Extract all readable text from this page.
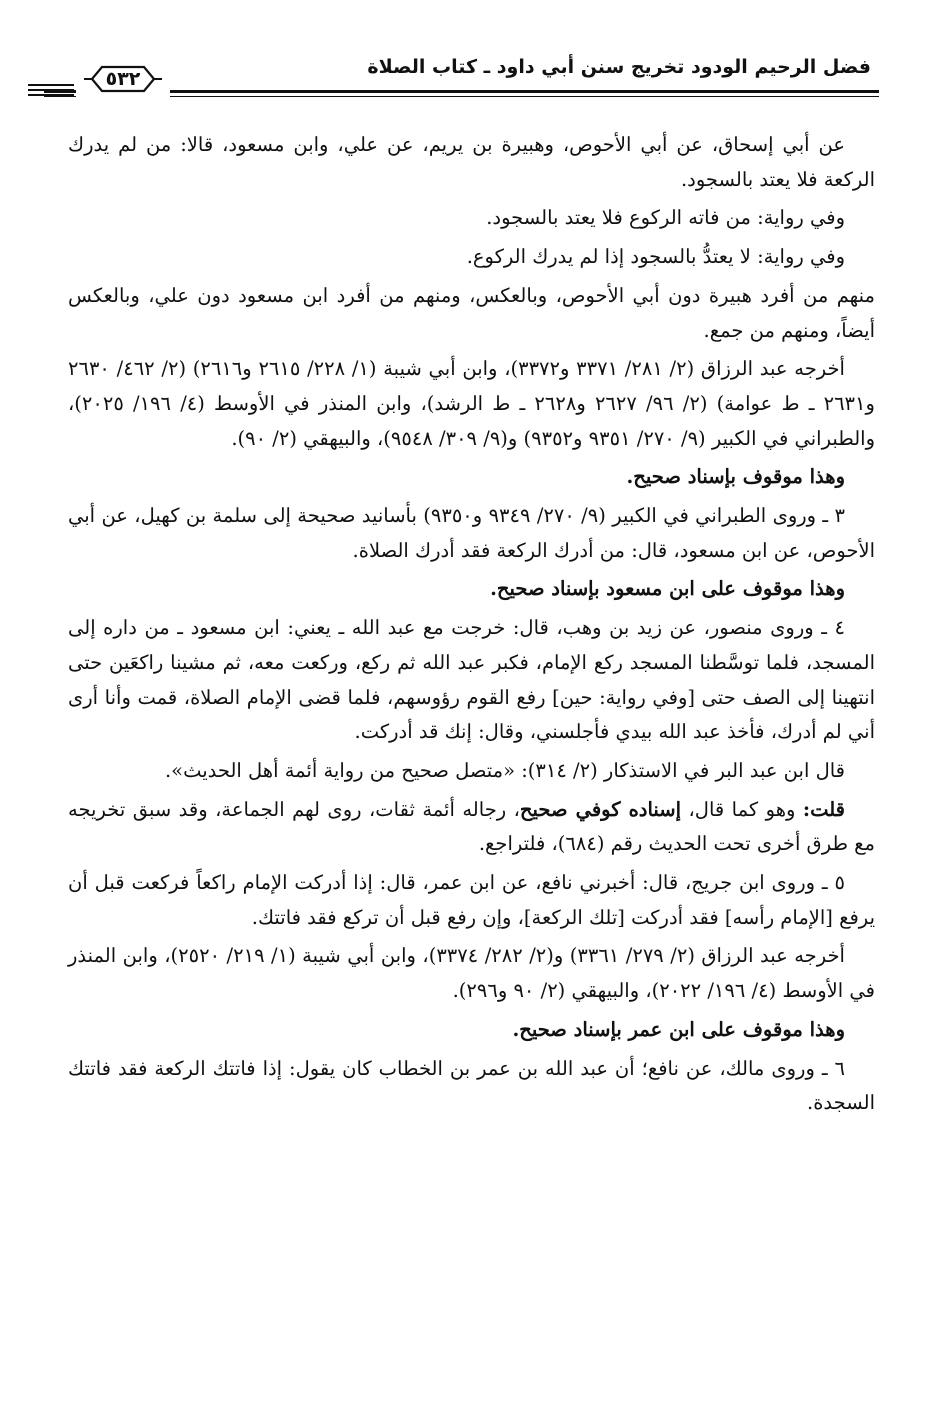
فضل الرحيم الودود تخريج سنن أبي داود ـ كتاب الصلاة
٥٣٢

عن أبي إسحاق، عن أبي الأحوص، وهبيرة بن يريم، عن علي، وابن مسعود، قالا: من لم يدرك الركعة فلا يعتد بالسجود.

وفي رواية: من فاته الركوع فلا يعتد بالسجود.

وفي رواية: لا يعتدُّ بالسجود إذا لم يدرك الركوع.

منهم من أفرد هبيرة دون أبي الأحوص، وبالعكس، ومنهم من أفرد ابن مسعود دون علي، وبالعكس أيضاً، ومنهم من جمع.

أخرجه عبد الرزاق (٢/ ٢٨١/ ٣٣٧١ و٣٣٧٢)، وابن أبي شيبة (١/ ٢٢٨/ ٢٦١٥ و٢٦١٦) (٢/ ٤٦٢/ ٢٦٣٠ و٢٦٣١ ـ ط عوامة) (٢/ ٩٦/ ٢٦٢٧ و٢٦٢٨ ـ ط الرشد)، وابن المنذر في الأوسط (٤/ ١٩٦/ ٢٠٢٥)، والطبراني في الكبير (٩/ ٢٧٠/ ٩٣٥١ و٩٣٥٢) و(٩/ ٣٠٩/ ٩٥٤٨)، والبيهقي (٢/ ٩٠).

وهذا موقوف بإسناد صحيح.

٣ ـ وروى الطبراني في الكبير (٩/ ٢٧٠/ ٩٣٤٩ و٩٣٥٠) بأسانيد صحيحة إلى سلمة بن كهيل، عن أبي الأحوص، عن ابن مسعود، قال: من أدرك الركعة فقد أدرك الصلاة.

وهذا موقوف على ابن مسعود بإسناد صحيح.

٤ ـ وروى منصور، عن زيد بن وهب، قال: خرجت مع عبد الله ـ يعني: ابن مسعود ـ من داره إلى المسجد، فلما توسَّطنا المسجد ركع الإمام، فكبر عبد الله ثم ركع، وركعت معه، ثم مشينا راكعَين حتى انتهينا إلى الصف حتى [وفي رواية: حين] رفع القوم رؤوسهم، فلما قضى الإمام الصلاة، قمت وأنا أرى أني لم أدرك، فأخذ عبد الله بيدي فأجلسني، وقال: إنك قد أدركت.

قال ابن عبد البر في الاستذكار (٢/ ٣١٤): «متصل صحيح من رواية أئمة أهل الحديث».

قلت: وهو كما قال، إسناده كوفي صحيح، رجاله أئمة ثقات، روى لهم الجماعة، وقد سبق تخريجه مع طرق أخرى تحت الحديث رقم (٦٨٤)، فلتراجع.

٥ ـ وروى ابن جريج، قال: أخبرني نافع، عن ابن عمر، قال: إذا أدركت الإمام راكعاً فركعت قبل أن يرفع [الإمام رأسه] فقد أدركت [تلك الركعة]، وإن رفع قبل أن تركع فقد فاتتك.

أخرجه عبد الرزاق (٢/ ٢٧٩/ ٣٣٦١) و(٢/ ٢٨٢/ ٣٣٧٤)، وابن أبي شيبة (١/ ٢١٩/ ٢٥٢٠)، وابن المنذر في الأوسط (٤/ ١٩٦/ ٢٠٢٢)، والبيهقي (٢/ ٩٠ و٢٩٦).

وهذا موقوف على ابن عمر بإسناد صحيح.

٦ ـ وروى مالك، عن نافع؛ أن عبد الله بن عمر بن الخطاب كان يقول: إذا فاتتك الركعة فقد فاتتك السجدة.
